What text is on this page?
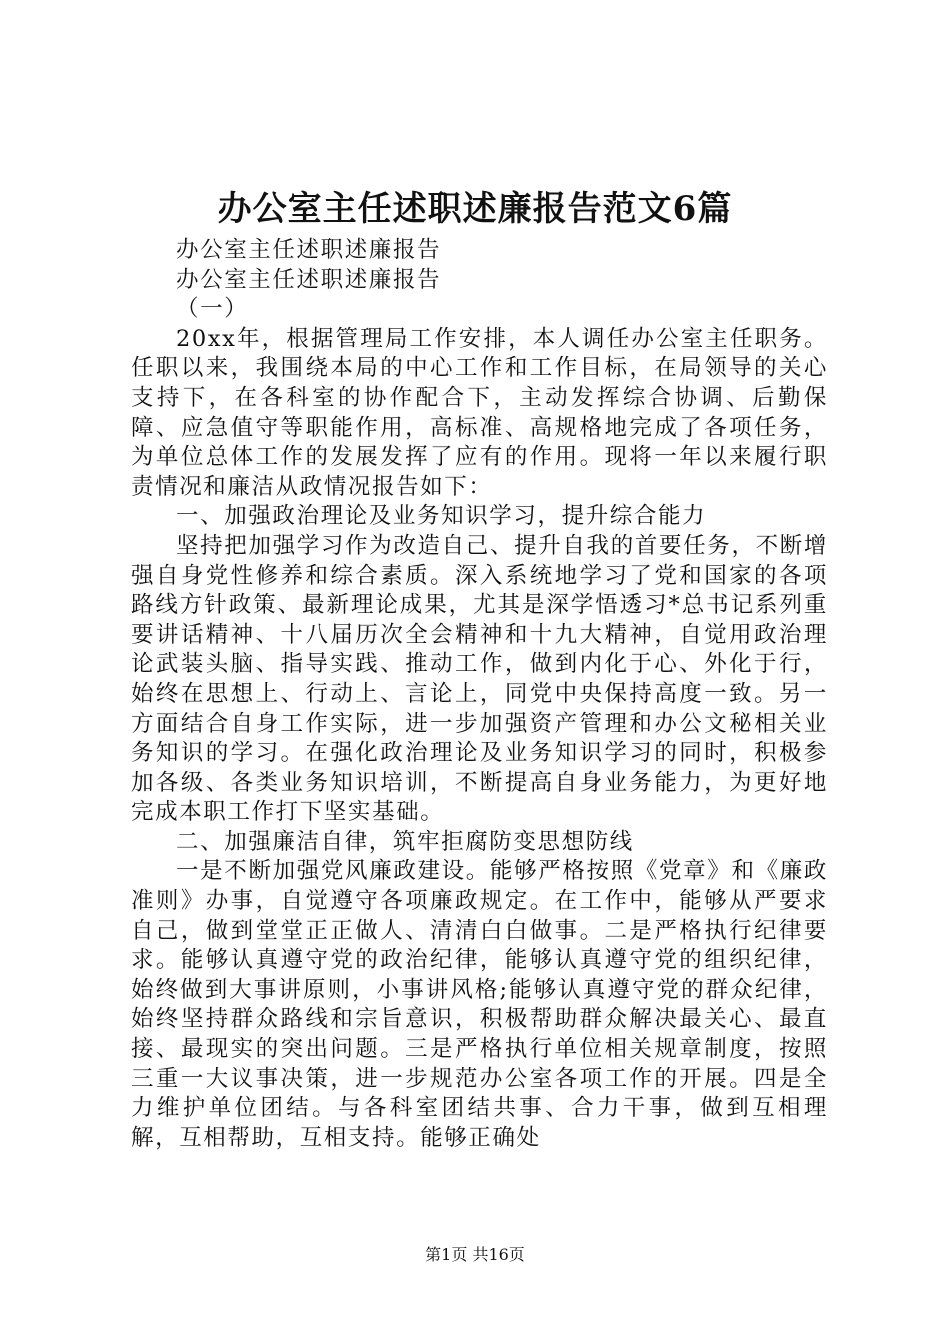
办公室主任述职述廉报告范文6篇

办公室主任述职述廉报告

办公室主任述职述廉报告

（一）

20xx年，根据管理局工作安排，本人调任办公室主任职务。任职以来，我围绕本局的中心工作和工作目标，在局领导的关心支持下，在各科室的协作配合下，主动发挥综合协调、后勤保障、应急值守等职能作用，高标准、高规格地完成了各项任务，为单位总体工作的发展发挥了应有的作用。现将一年以来履行职责情况和廉洁从政情况报告如下：

一、加强政治理论及业务知识学习，提升综合能力

坚持把加强学习作为改造自己、提升自我的首要任务，不断增强自身党性修养和综合素质。深入系统地学习了党和国家的各项路线方针政策、最新理论成果，尤其是深学悟透习*总书记系列重要讲话精神、十八届历次全会精神和十九大精神，自觉用政治理论武装头脑、指导实践、推动工作，做到内化于心、外化于行，始终在思想上、行动上、言论上，同党中央保持高度一致。另一方面结合自身工作实际，进一步加强资产管理和办公文秘相关业务知识的学习。在强化政治理论及业务知识学习的同时，积极参加各级、各类业务知识培训，不断提高自身业务能力，为更好地完成本职工作打下坚实基础。

二、加强廉洁自律，筑牢拒腐防变思想防线

一是不断加强党风廉政建设。能够严格按照《党章》和《廉政准则》办事，自觉遵守各项廉政规定。在工作中，能够从严要求自己，做到堂堂正正做人、清清白白做事。二是严格执行纪律要求。能够认真遵守党的政治纪律，能够认真遵守党的组织纪律，始终做到大事讲原则，小事讲风格;能够认真遵守党的群众纪律，始终坚持群众路线和宗旨意识，积极帮助群众解决最关心、最直接、最现实的突出问题。三是严格执行单位相关规章制度，按照三重一大议事决策，进一步规范办公室各项工作的开展。四是全力维护单位团结。与各科室团结共事、合力干事，做到互相理解，互相帮助，互相支持。能够正确处

第1页 共16页
